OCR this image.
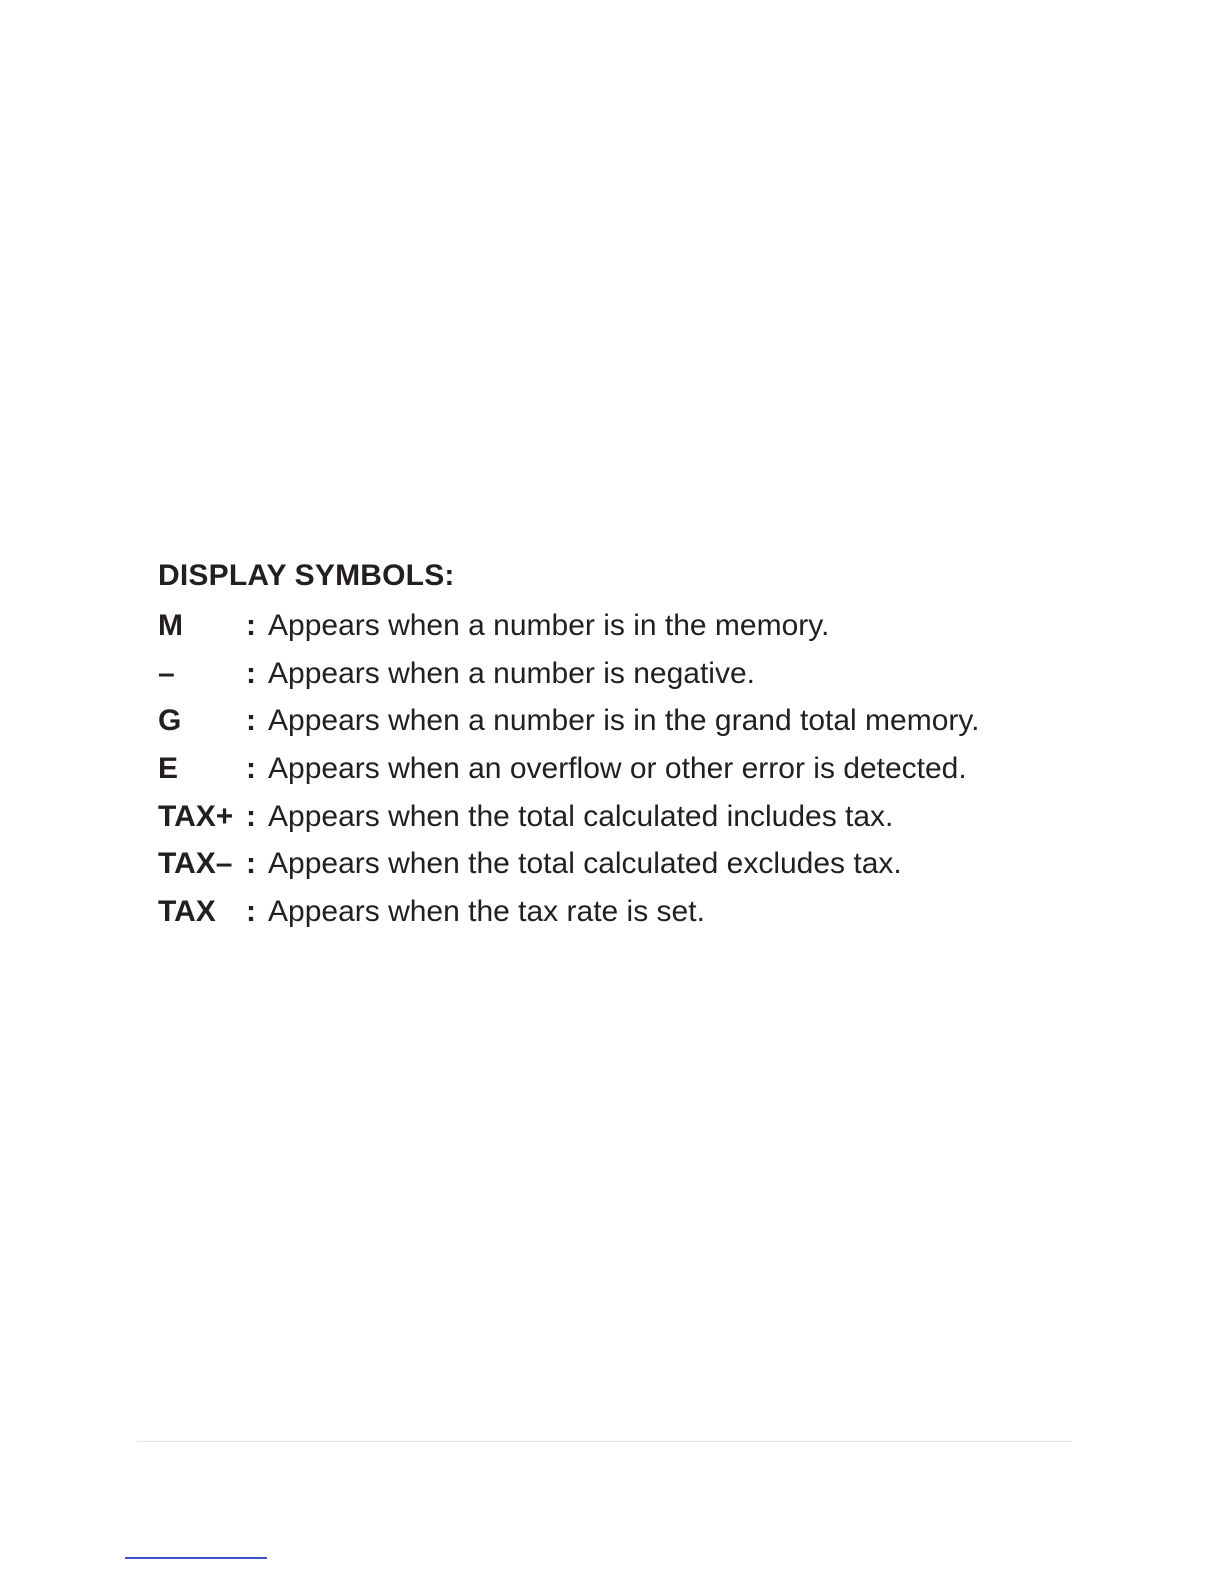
DISPLAY SYMBOLS:
M	: Appears when a number is in the memory.
–	: Appears when a number is negative.
G	: Appears when a number is in the grand total memory.
E	: Appears when an overflow or other error is detected.
TAX+ : Appears when the total calculated includes tax.
TAX– : Appears when the total calculated excludes tax.
TAX	: Appears when the tax rate is set.
